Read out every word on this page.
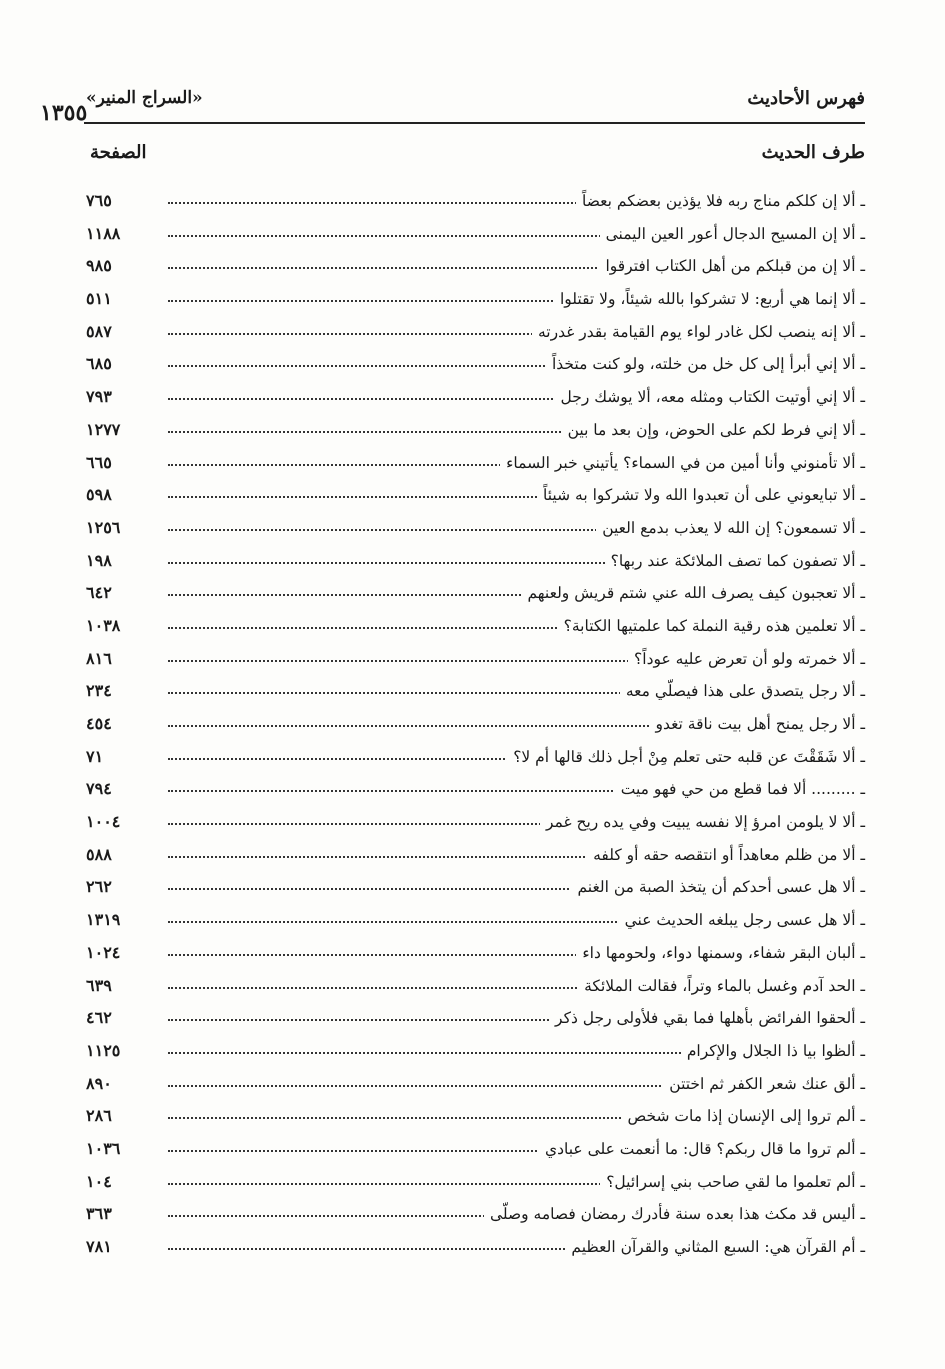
١٣٥٥
«السراج المنير»	فهرس الأحاديث
طرف الحديث
الصفحة
ـ ألا إن كلكم مناج ربه فلا يؤذين بعضكم بعضاً
٧٦٥
ـ ألا إن المسيح الدجال أعور العين اليمنى
١١٨٨
ـ ألا إن من قبلكم من أهل الكتاب افترقوا
٩٨٥
ـ ألا إنما هي أربع: لا تشركوا بالله شيئاً، ولا تقتلوا
٥١١
ـ ألا إنه ينصب لكل غادر لواء يوم القيامة بقدر غدرته
٥٨٧
ـ ألا إني أبرأ إلى كل خل من خلته، ولو كنت متخذاً
٦٨٥
ـ ألا إني أوتيت الكتاب ومثله معه، ألا يوشك رجل
٧٩٣
ـ ألا إني فرط لكم على الحوض، وإن بعد ما بين
١٢٧٧
ـ ألا تأمنوني وأنا أمين من في السماء؟ يأتيني خبر السماء
٦٦٥
ـ ألا تبايعوني على أن تعبدوا الله ولا تشركوا به شيئاً
٥٩٨
ـ ألا تسمعون؟ إن الله لا يعذب بدمع العين
١٢٥٦
ـ ألا تصفون كما تصف الملائكة عند ربها؟
١٩٨
ـ ألا تعجبون كيف يصرف الله عني شتم قريش ولعنهم
٦٤٢
ـ ألا تعلمين هذه رقية النملة كما علمتيها الكتابة؟
١٠٣٨
ـ ألا خمرته ولو أن تعرض عليه عوداً؟
٨١٦
ـ ألا رجل يتصدق على هذا فيصلّي معه
٢٣٤
ـ ألا رجل يمنح أهل بيت ناقة تغدو
٤٥٤
ـ ألا شَقَقْتَ عن قلبه حتى تعلم مِنْ أجل ذلك قالها أم لا؟
٧١
ـ ......... ألا فما قطع من حي فهو ميت
٧٩٤
ـ ألا لا يلومن امرؤ إلا نفسه يبيت وفي يده ريح غمر
١٠٠٤
ـ ألا من ظلم معاهداً أو انتقصه حقه أو كلفه
٥٨٨
ـ ألا هل عسى أحدكم أن يتخذ الصبة من الغنم
٢٦٢
ـ ألا هل عسى رجل يبلغه الحديث عني
١٣١٩
ـ ألبان البقر شفاء، وسمنها دواء، ولحومها داء
١٠٢٤
ـ الحد آدم وغسل بالماء وتراً، فقالت الملائكة
٦٣٩
ـ ألحقوا الفرائض بأهلها فما بقي فلأولى رجل ذكر
٤٦٢
ـ ألظوا بيا ذا الجلال والإكرام
١١٢٥
ـ ألق عنك شعر الكفر ثم اختتن
٨٩٠
ـ ألم تروا إلى الإنسان إذا مات شخص
٢٨٦
ـ ألم تروا ما قال ربكم؟ قال: ما أنعمت على عبادي
١٠٣٦
ـ ألم تعلموا ما لقي صاحب بني إسرائيل؟
١٠٤
ـ أليس قد مكث هذا بعده سنة فأدرك رمضان فصامه وصلّى
٣٦٣
ـ أم القرآن هي: السبع المثاني والقرآن العظيم
٧٨١
